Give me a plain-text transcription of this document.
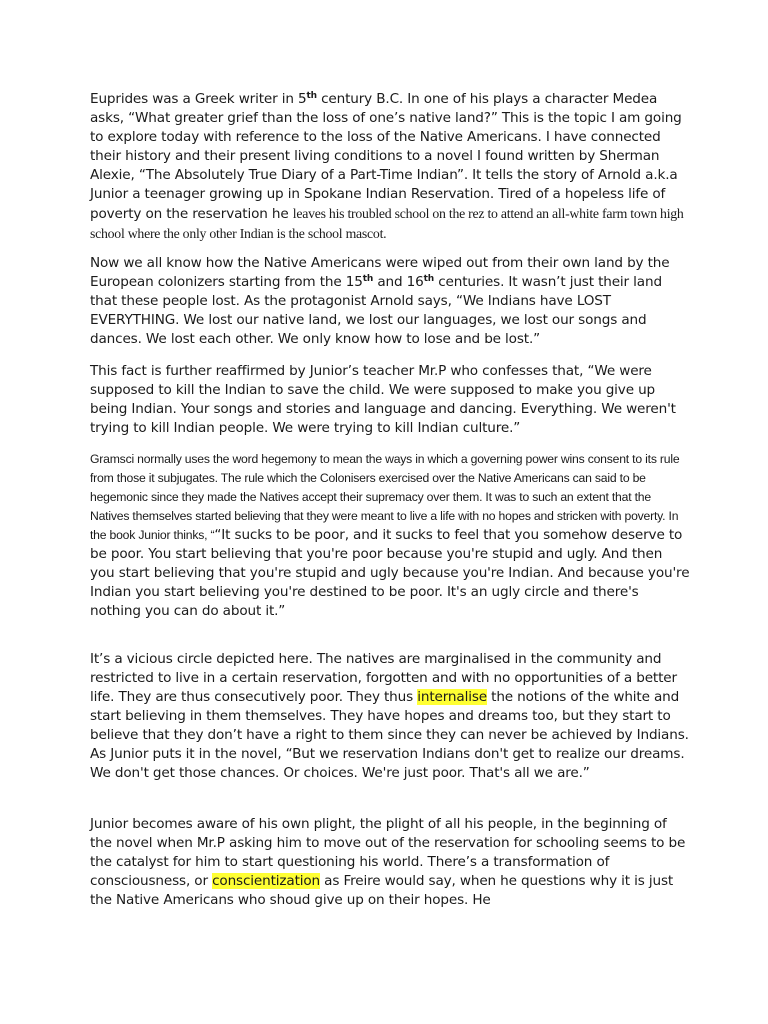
Euprides was a Greek writer in 5th century B.C. In one of his plays a character Medea asks, “What greater grief than the loss of one’s native land?” This is the topic I am going to explore today with reference to the loss of the Native Americans. I have connected their history and their present living conditions to a novel I found written by Sherman Alexie, “The Absolutely True Diary of a Part-Time Indian”. It tells the story of Arnold a.k.a Junior a teenager growing up in Spokane Indian Reservation. Tired of a hopeless life of poverty on the reservation he leaves his troubled school on the rez to attend an all-white farm town high school where the only other Indian is the school mascot.

Now we all know how the Native Americans were wiped out from their own land by the European colonizers starting from the 15th and 16th centuries. It wasn’t just their land that these people lost. As the protagonist Arnold says, “We Indians have LOST EVERYTHING. We lost our native land, we lost our languages, we lost our songs and dances. We lost each other. We only know how to lose and be lost.”

This fact is further reaffirmed by Junior’s teacher Mr.P who confesses that, “We were supposed to kill the Indian to save the child. We were supposed to make you give up being Indian. Your songs and stories and language and dancing. Everything. We weren't trying to kill Indian people. We were trying to kill Indian culture.”

Gramsci normally uses the word hegemony to mean the ways in which a governing power wins consent to its rule from those it subjugates. The rule which the Colonisers exercised over the Native Americans can said to be hegemonic since they made the Natives accept their supremacy over them. It was to such an extent that the Natives themselves started believing that they were meant to live a life with no hopes and stricken with poverty. In the book Junior thinks, ““It sucks to be poor, and it sucks to feel that you somehow deserve to be poor. You start believing that you're poor because you're stupid and ugly. And then you start believing that you're stupid and ugly because you're Indian. And because you're Indian you start believing you're destined to be poor. It's an ugly circle and there's nothing you can do about it.”

It’s a vicious circle depicted here. The natives are marginalised in the community and restricted to live in a certain reservation, forgotten and with no opportunities of a better life. They are thus consecutively poor. They thus internalise the notions of the white and start believing in them themselves. They have hopes and dreams too, but they start to believe that they don’t have a right to them since they can never be achieved by Indians. As Junior puts it in the novel, “But we reservation Indians don't get to realize our dreams. We don't get those chances. Or choices. We're just poor. That's all we are.”

Junior becomes aware of his own plight, the plight of all his people, in the beginning of the novel when Mr.P asking him to move out of the reservation for schooling seems to be the catalyst for him to start questioning his world. There’s a transformation of consciousness, or conscientization as Freire would say, when he questions why it is just the Native Americans who shoud give up on their hopes. He
